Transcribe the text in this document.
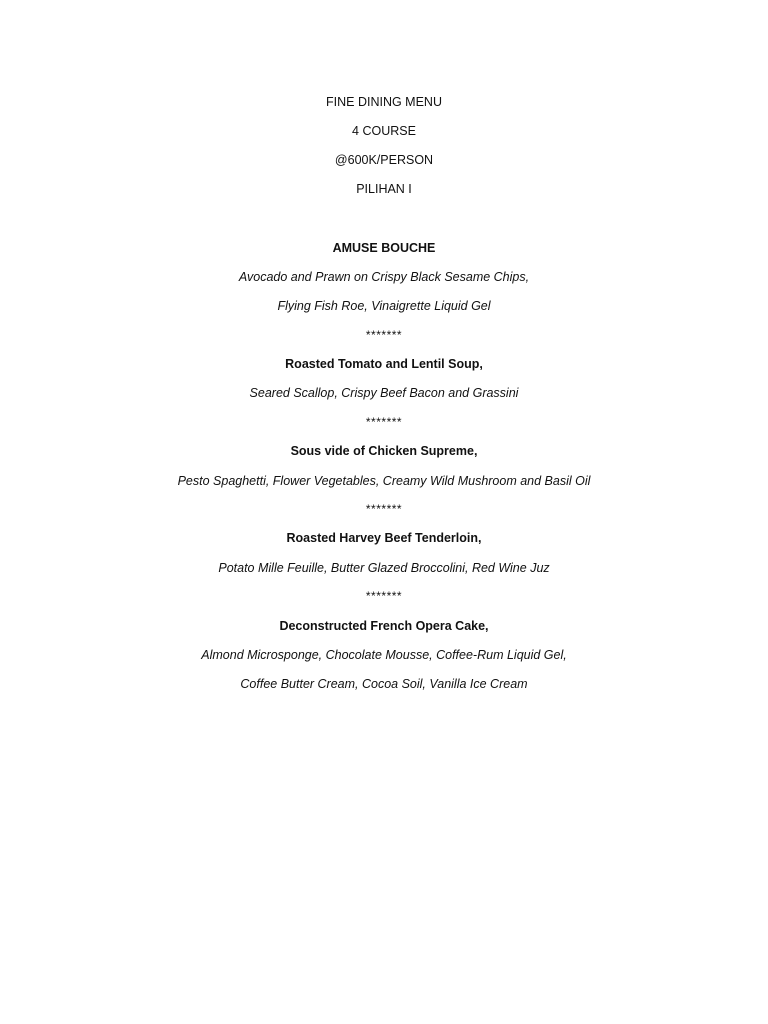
FINE DINING MENU
4 COURSE
@600K/PERSON
PILIHAN I
AMUSE BOUCHE
Avocado and Prawn on Crispy Black Sesame Chips,
Flying Fish Roe, Vinaigrette Liquid Gel
*******
Roasted Tomato and Lentil Soup,
Seared Scallop, Crispy Beef Bacon and Grassini
*******
Sous vide of Chicken Supreme,
Pesto Spaghetti, Flower Vegetables, Creamy Wild Mushroom and Basil Oil
*******
Roasted Harvey Beef Tenderloin,
Potato Mille Feuille, Butter Glazed Broccolini, Red Wine Juz
*******
Deconstructed French Opera Cake,
Almond Microsponge, Chocolate Mousse, Coffee-Rum Liquid Gel,
Coffee Butter Cream, Cocoa Soil, Vanilla Ice Cream
